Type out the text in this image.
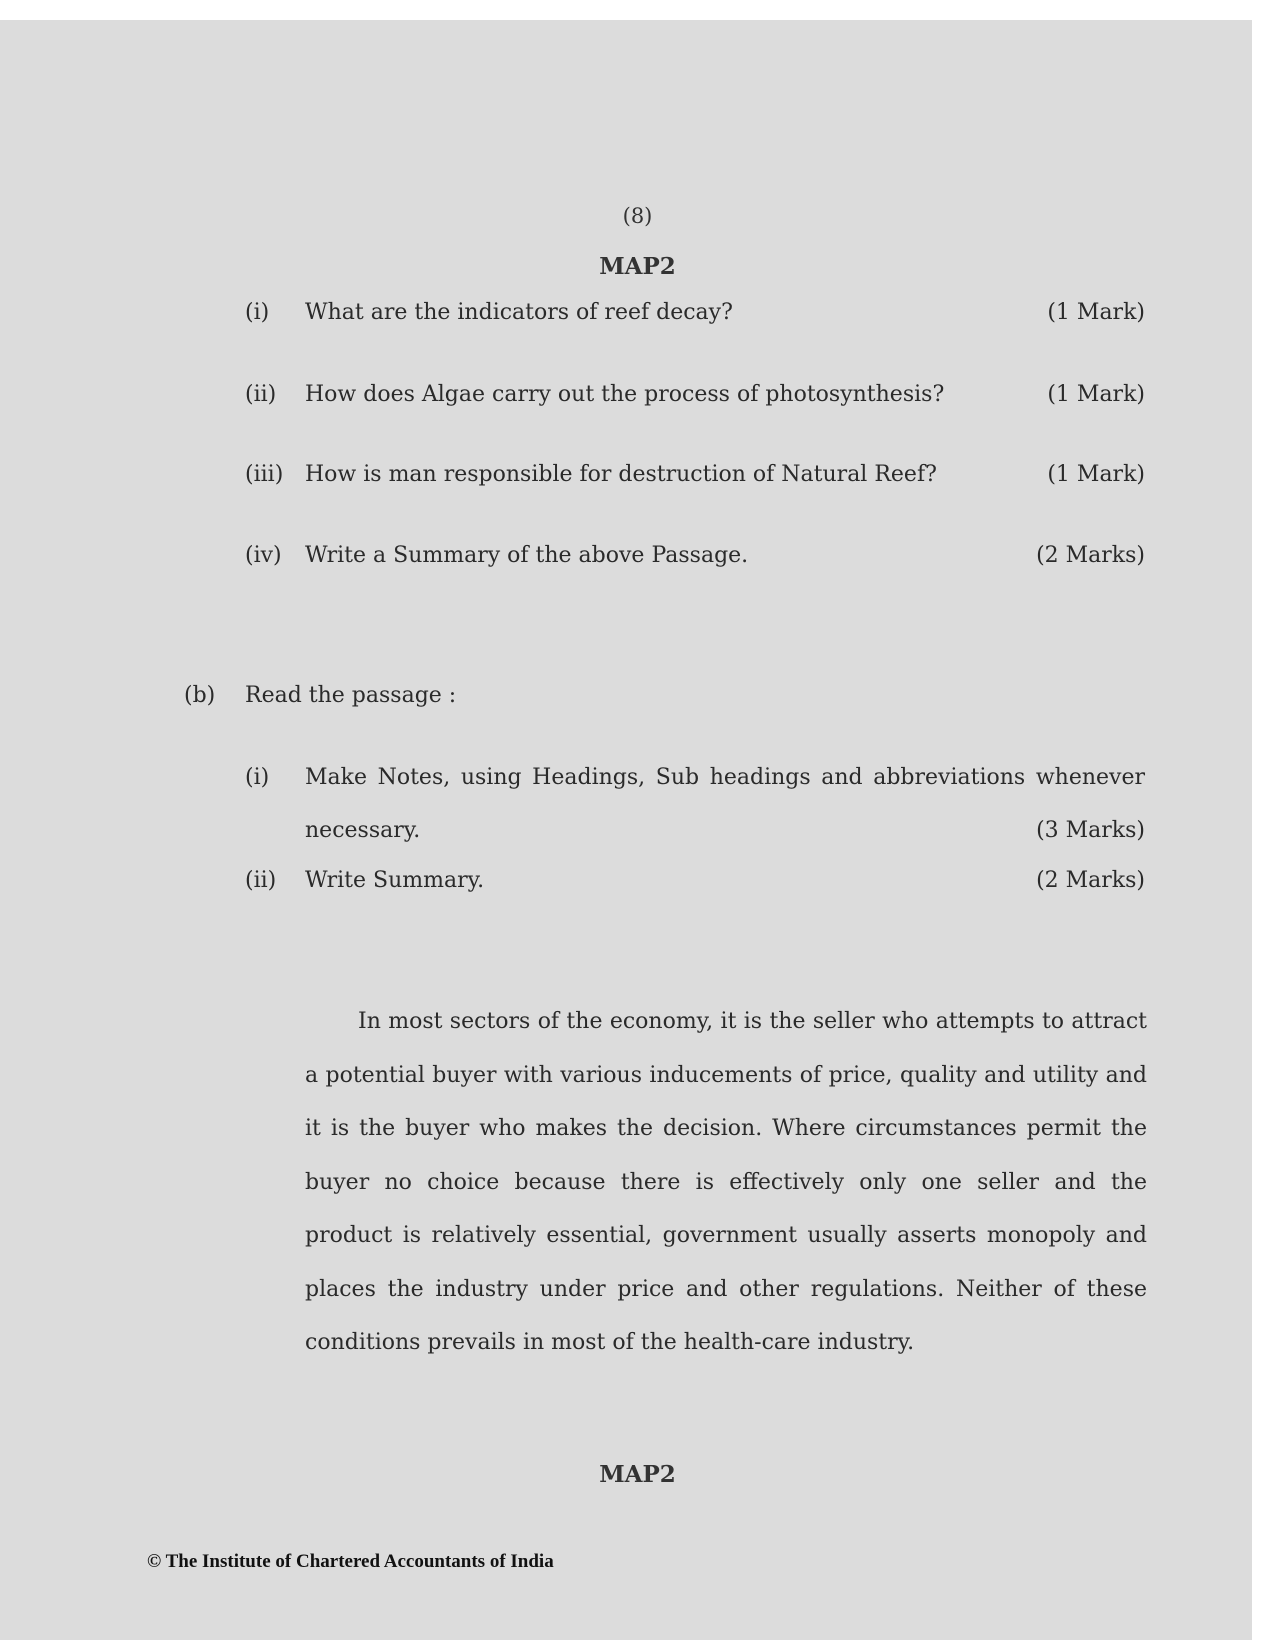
(8)
MAP2
(i) What are the indicators of reef decay?	(1 Mark)
(ii) How does Algae carry out the process of photosynthesis?	(1 Mark)
(iii) How is man responsible for destruction of Natural Reef?	(1 Mark)
(iv) Write a Summary of the above Passage.	(2 Marks)
(b) Read the passage :
(i) Make Notes, using Headings, Sub headings and abbreviations whenever
necessary.	(3 Marks)
(ii) Write Summary.	(2 Marks)

In most sectors of the economy, it is the seller who attempts to attract a potential buyer with various inducements of price, quality and utility and it is the buyer who makes the decision. Where circumstances permit the buyer no choice because there is effectively only one seller and the product is relatively essential, government usually asserts monopoly and places the industry under price and other regulations. Neither of these conditions prevails in most of the health-care industry.

MAP2
© The Institute of Chartered Accountants of India
